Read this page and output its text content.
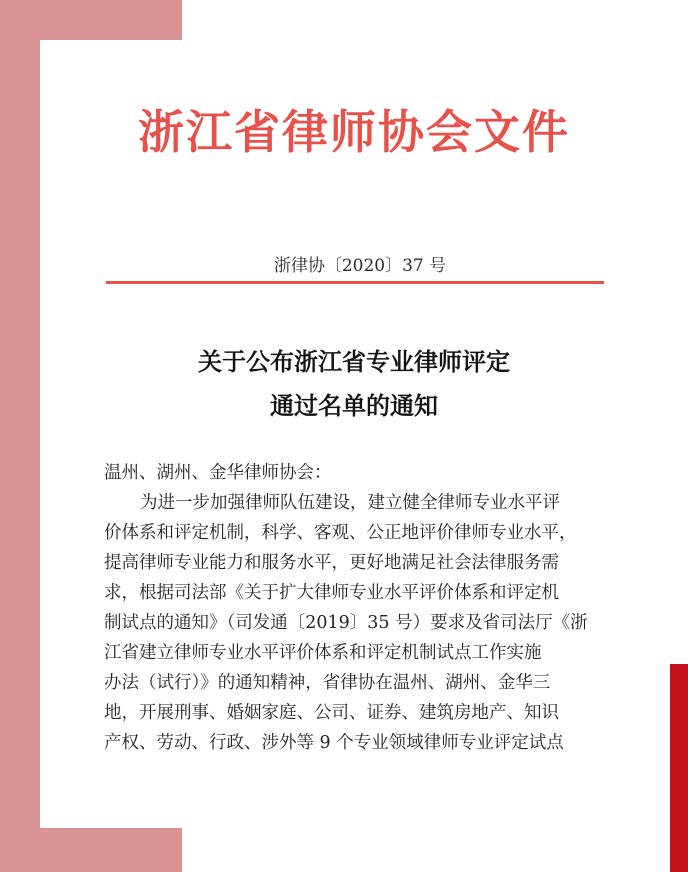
浙江省律师协会文件

浙律协〔2020〕37 号

关于公布浙江省专业律师评定
通过名单的通知

温州、湖州、金华律师协会：

为进一步加强律师队伍建设，建立健全律师专业水平评

价体系和评定机制，科学、客观、公正地评价律师专业水平，

提高律师专业能力和服务水平，更好地满足社会法律服务需

求，根据司法部《关于扩大律师专业水平评价体系和评定机

制试点的通知》（司发通〔2019〕35 号）要求及省司法厅《浙

江省建立律师专业水平评价体系和评定机制试点工作实施

办法（试行）》的通知精神，省律协在温州、湖州、金华三

地，开展刑事、婚姻家庭、公司、证券、建筑房地产、知识

产权、劳动、行政、涉外等 9 个专业领域律师专业评定试点
